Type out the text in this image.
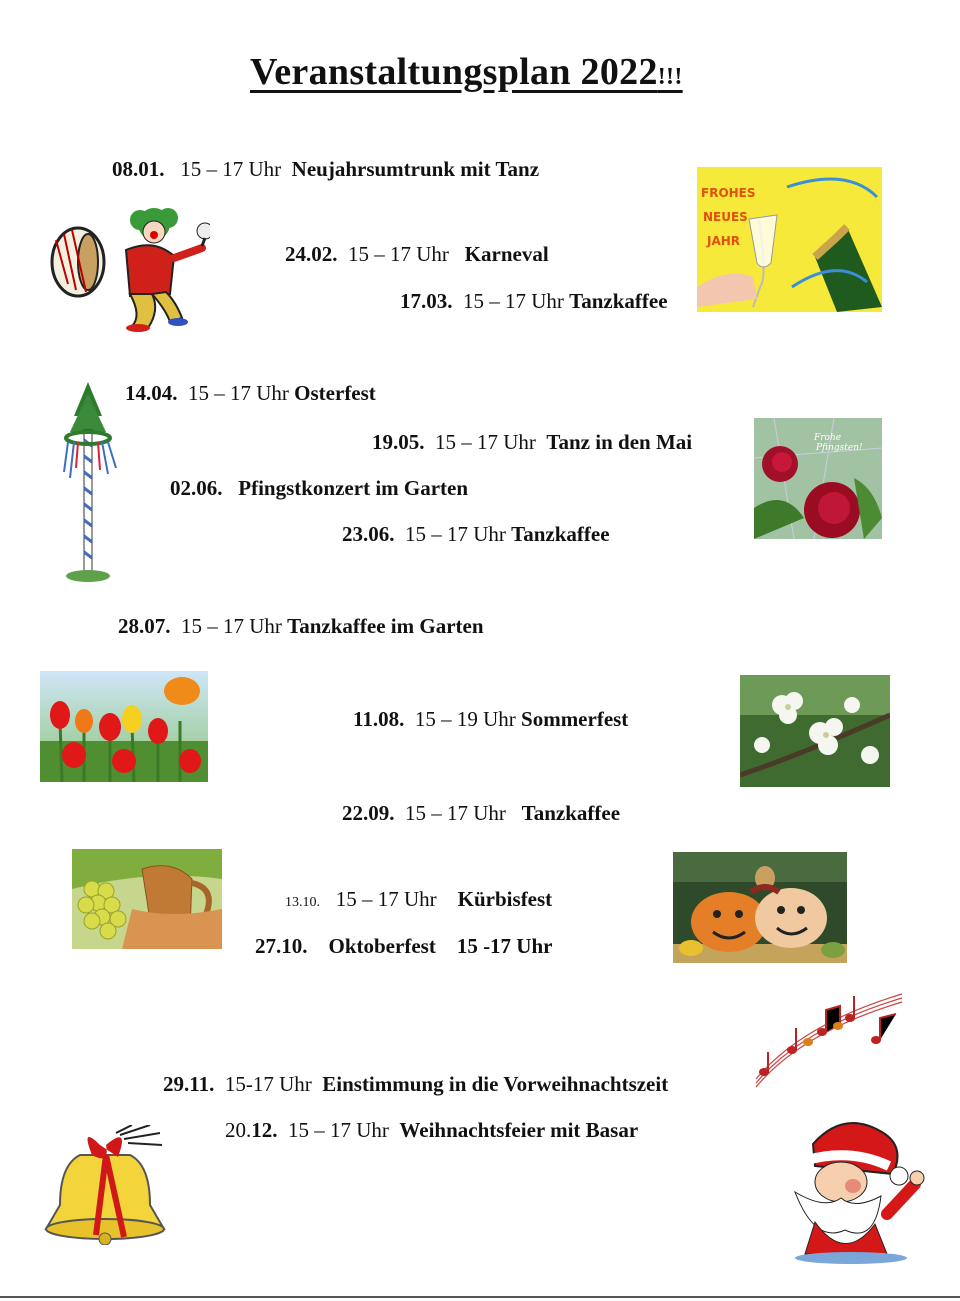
Veranstaltungsplan 2022!!!
08.01. 15 – 17 Uhr Neujahrsumtrunk mit Tanz
24.02. 15 – 17 Uhr Karneval
17.03. 15 – 17 Uhr Tanzkaffee
14.04. 15 – 17 Uhr Osterfest
19.05. 15 – 17 Uhr Tanz in den Mai
02.06. Pfingstkonzert im Garten
23.06. 15 – 17 Uhr Tanzkaffee
28.07. 15 – 17 Uhr Tanzkaffee im Garten
11.08. 15 – 19 Uhr Sommerfest
22.09. 15 – 17 Uhr Tanzkaffee
13.10. 15 – 17 Uhr Kürbisfest
27.10. Oktoberfest 15 -17 Uhr
29.11. 15-17 Uhr Einstimmung in die Vorweihnachtszeit
20.12. 15 – 17 Uhr Weihnachtsfeier mit Basar
FROHES
NEUES
JAHR
Frohe
Pfingsten!
